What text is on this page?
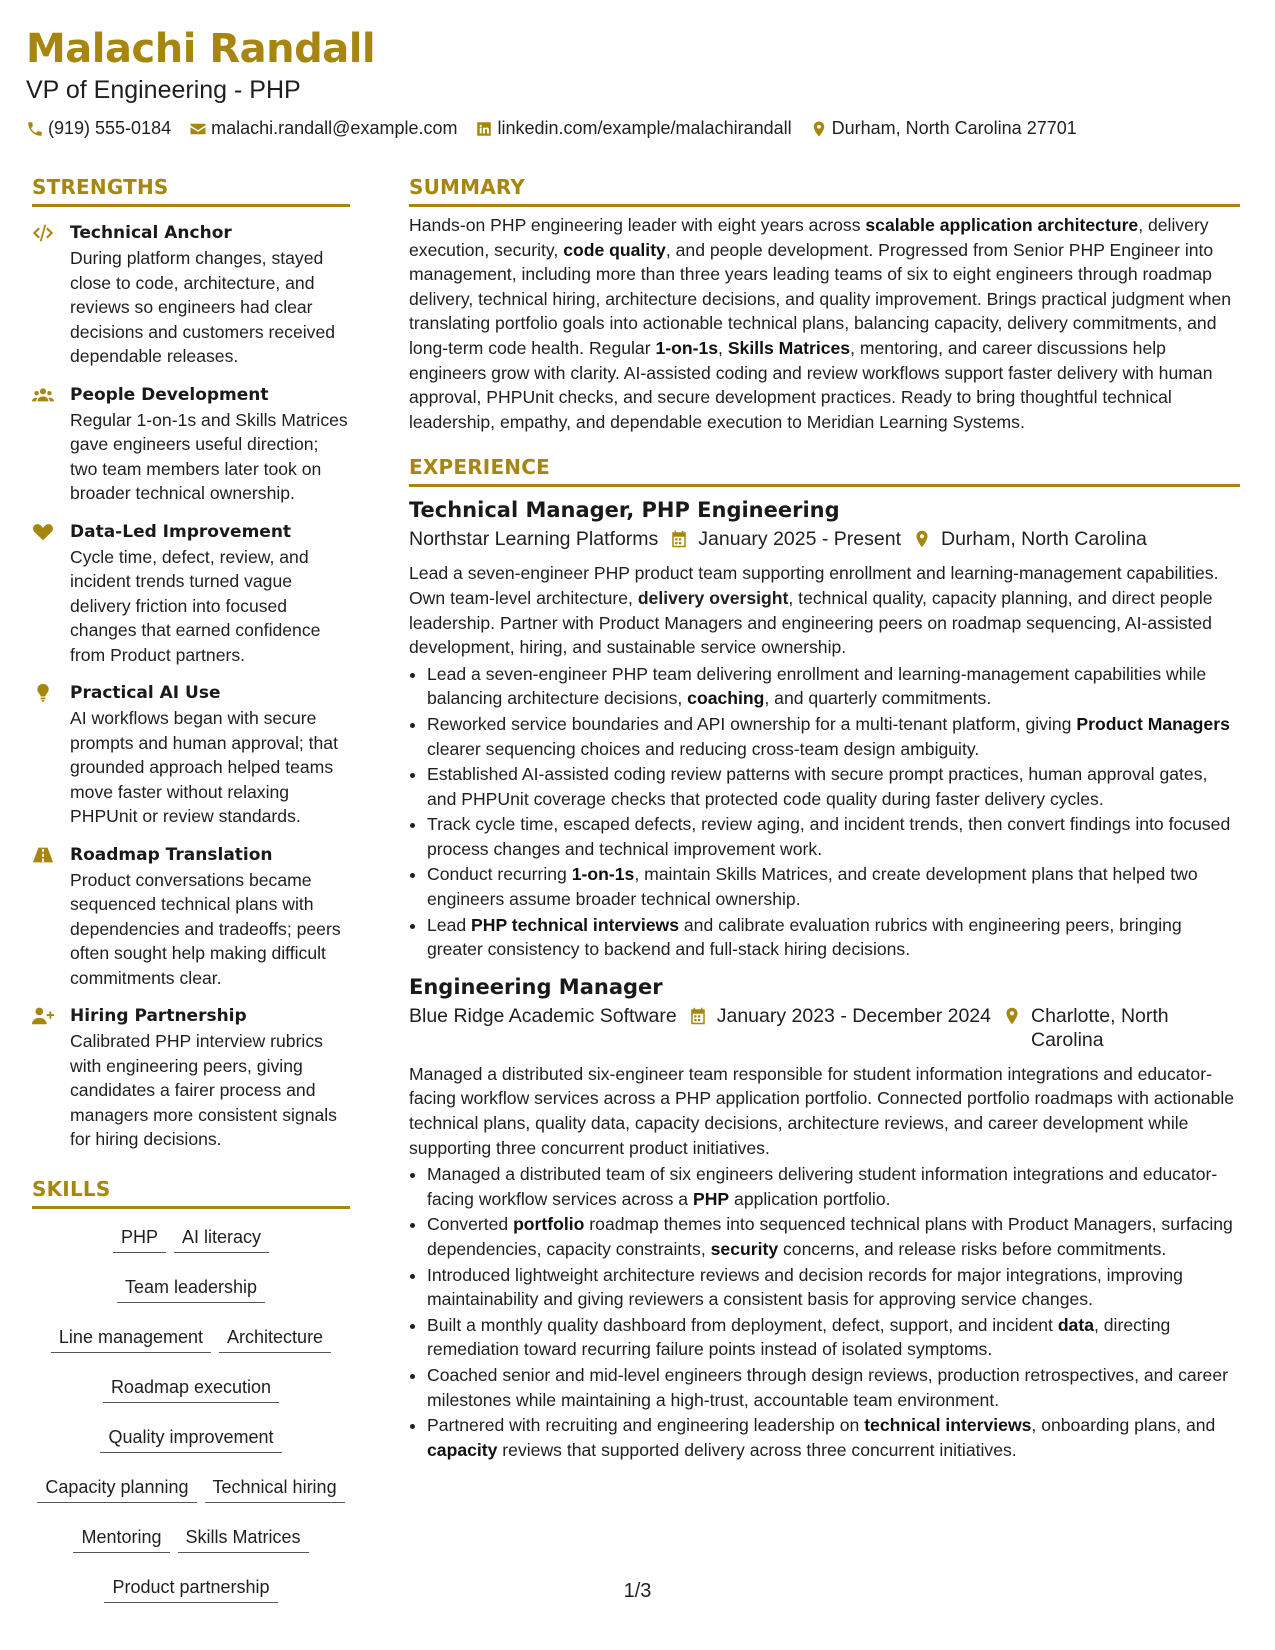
Malachi Randall
VP of Engineering - PHP
(919) 555-0184 malachi.randall@example.com linkedin.com/example/malachirandall Durham, North Carolina 27701
STRENGTHS
Technical Anchor
During platform changes, stayed close to code, architecture, and reviews so engineers had clear decisions and customers received dependable releases.
People Development
Regular 1-on-1s and Skills Matrices gave engineers useful direction; two team members later took on broader technical ownership.
Data-Led Improvement
Cycle time, defect, review, and incident trends turned vague delivery friction into focused changes that earned confidence from Product partners.
Practical AI Use
AI workflows began with secure prompts and human approval; that grounded approach helped teams move faster without relaxing PHPUnit or review standards.
Roadmap Translation
Product conversations became sequenced technical plans with dependencies and tradeoffs; peers often sought help making difficult commitments clear.
Hiring Partnership
Calibrated PHP interview rubrics with engineering peers, giving candidates a fairer process and managers more consistent signals for hiring decisions.
SKILLS
PHP	AI literacy
Team leadership
Line management	Architecture
Roadmap execution
Quality improvement
Capacity planning	Technical hiring
Mentoring	Skills Matrices
Product partnership
SUMMARY
Hands-on PHP engineering leader with eight years across scalable application architecture, delivery execution, security, code quality, and people development. Progressed from Senior PHP Engineer into management, including more than three years leading teams of six to eight engineers through roadmap delivery, technical hiring, architecture decisions, and quality improvement. Brings practical judgment when translating portfolio goals into actionable technical plans, balancing capacity, delivery commitments, and long-term code health. Regular 1-on-1s, Skills Matrices, mentoring, and career discussions help engineers grow with clarity. AI-assisted coding and review workflows support faster delivery with human approval, PHPUnit checks, and secure development practices. Ready to bring thoughtful technical leadership, empathy, and dependable execution to Meridian Learning Systems.
EXPERIENCE
Technical Manager, PHP Engineering
Northstar Learning Platforms January 2025 - Present Durham, North Carolina
Lead a seven-engineer PHP product team supporting enrollment and learning-management capabilities. Own team-level architecture, delivery oversight, technical quality, capacity planning, and direct people leadership. Partner with Product Managers and engineering peers on roadmap sequencing, AI-assisted development, hiring, and sustainable service ownership.
• Lead a seven-engineer PHP team delivering enrollment and learning-management capabilities while balancing architecture decisions, coaching, and quarterly commitments.
• Reworked service boundaries and API ownership for a multi-tenant platform, giving Product Managers clearer sequencing choices and reducing cross-team design ambiguity.
• Established AI-assisted coding review patterns with secure prompt practices, human approval gates, and PHPUnit coverage checks that protected code quality during faster delivery cycles.
• Track cycle time, escaped defects, review aging, and incident trends, then convert findings into focused process changes and technical improvement work.
• Conduct recurring 1-on-1s, maintain Skills Matrices, and create development plans that helped two engineers assume broader technical ownership.
• Lead PHP technical interviews and calibrate evaluation rubrics with engineering peers, bringing greater consistency to backend and full-stack hiring decisions.
Engineering Manager
Blue Ridge Academic Software January 2023 - December 2024 Charlotte, North Carolina
Managed a distributed six-engineer team responsible for student information integrations and educator-facing workflow services across a PHP application portfolio. Connected portfolio roadmaps with actionable technical plans, quality data, capacity decisions, architecture reviews, and career development while supporting three concurrent product initiatives.
• Managed a distributed team of six engineers delivering student information integrations and educator-facing workflow services across a PHP application portfolio.
• Converted portfolio roadmap themes into sequenced technical plans with Product Managers, surfacing dependencies, capacity constraints, security concerns, and release risks before commitments.
• Introduced lightweight architecture reviews and decision records for major integrations, improving maintainability and giving reviewers a consistent basis for approving service changes.
• Built a monthly quality dashboard from deployment, defect, support, and incident data, directing remediation toward recurring failure points instead of isolated symptoms.
• Coached senior and mid-level engineers through design reviews, production retrospectives, and career milestones while maintaining a high-trust, accountable team environment.
• Partnered with recruiting and engineering leadership on technical interviews, onboarding plans, and capacity reviews that supported delivery across three concurrent initiatives.
1/3
